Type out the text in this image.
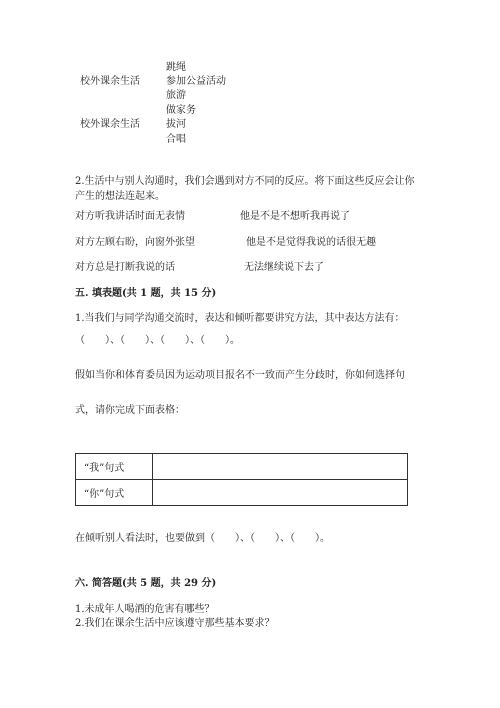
跳绳
校外课余生活	参加公益活动
旅游
做家务
校外课余生活	拔河
合唱
2.生活中与别人沟通时，我们会遇到对方不同的反应。将下面这些反应会让你
产生的想法连起来。
对方听我讲话时面无表情	他是不是不想听我再说了
对方左顾右盼，向窗外张望	他是不是觉得我说的话很无趣
对方总是打断我说的话	无法继续说下去了
五. 填表题(共 1 题，共 15 分)
1.当我们与同学沟通交流时，表达和倾听都要讲究方法，其中表达方法有：
（　　）、（　　）、（　　）、（　　）。
假如当你和体育委员因为运动项目报名不一致而产生分歧时，你如何选择句
式，请你完成下面表格：
“我”句式	
“你”句式	
在倾听别人看法时，也要做到（　　）、（　　）、（　　）。
六. 简答题(共 5 题，共 29 分)
1.未成年人喝酒的危害有哪些？
2.我们在课余生活中应该遵守那些基本要求？
